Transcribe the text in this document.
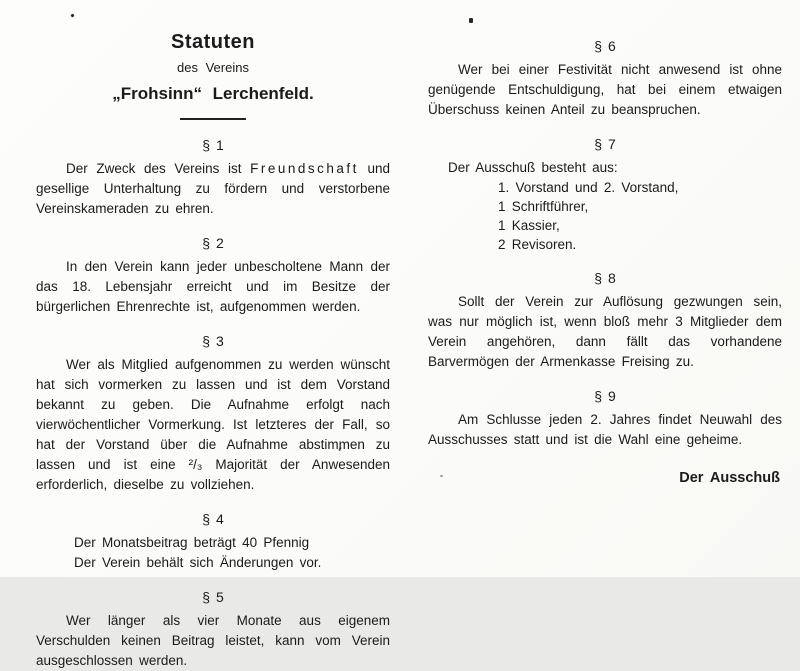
Statuten
des Vereins
„Frohsinn“ Lerchenfeld.
§ 1
Der Zweck des Vereins ist Freundschaft und gesellige Unterhaltung zu fördern und verstorbene Vereinskameraden zu ehren.
§ 2
In den Verein kann jeder unbescholtene Mann der das 18. Lebensjahr erreicht und im Besitze der bürgerlichen Ehrenrechte ist, aufgenommen werden.
§ 3
Wer als Mitglied aufgenommen zu werden wünscht hat sich vormerken zu lassen und ist dem Vorstand bekannt zu geben. Die Aufnahme erfolgt nach vierwöchentlicher Vormerkung. Ist letzteres der Fall, so hat der Vorstand über die Aufnahme abstimmen zu lassen und ist eine ²/₃ Majorität der Anwesenden erforderlich, dieselbe zu vollziehen.
§ 4
Der Monatsbeitrag beträgt 40 Pfennig
Der Verein behält sich Änderungen vor.
§ 5
Wer länger als vier Monate aus eigenem Verschulden keinen Beitrag leistet, kann vom Verein ausgeschlossen werden.
§ 6
Wer bei einer Festivität nicht anwesend ist ohne genügende Entschuldigung, hat bei einem etwaigen Überschuss keinen Anteil zu beanspruchen.
§ 7
Der Ausschuß besteht aus:
1. Vorstand und 2. Vorstand,
1 Schriftführer,
1 Kassier,
2 Revisoren.
§ 8
Sollt der Verein zur Auflösung gezwungen sein, was nur möglich ist, wenn bloß mehr 3 Mitglieder dem Verein angehören, dann fällt das vorhandene Barvermögen der Armenkasse Freising zu.
§ 9
Am Schlusse jeden 2. Jahres findet Neuwahl des Ausschusses statt und ist die Wahl eine geheime.
Der Ausschuß
